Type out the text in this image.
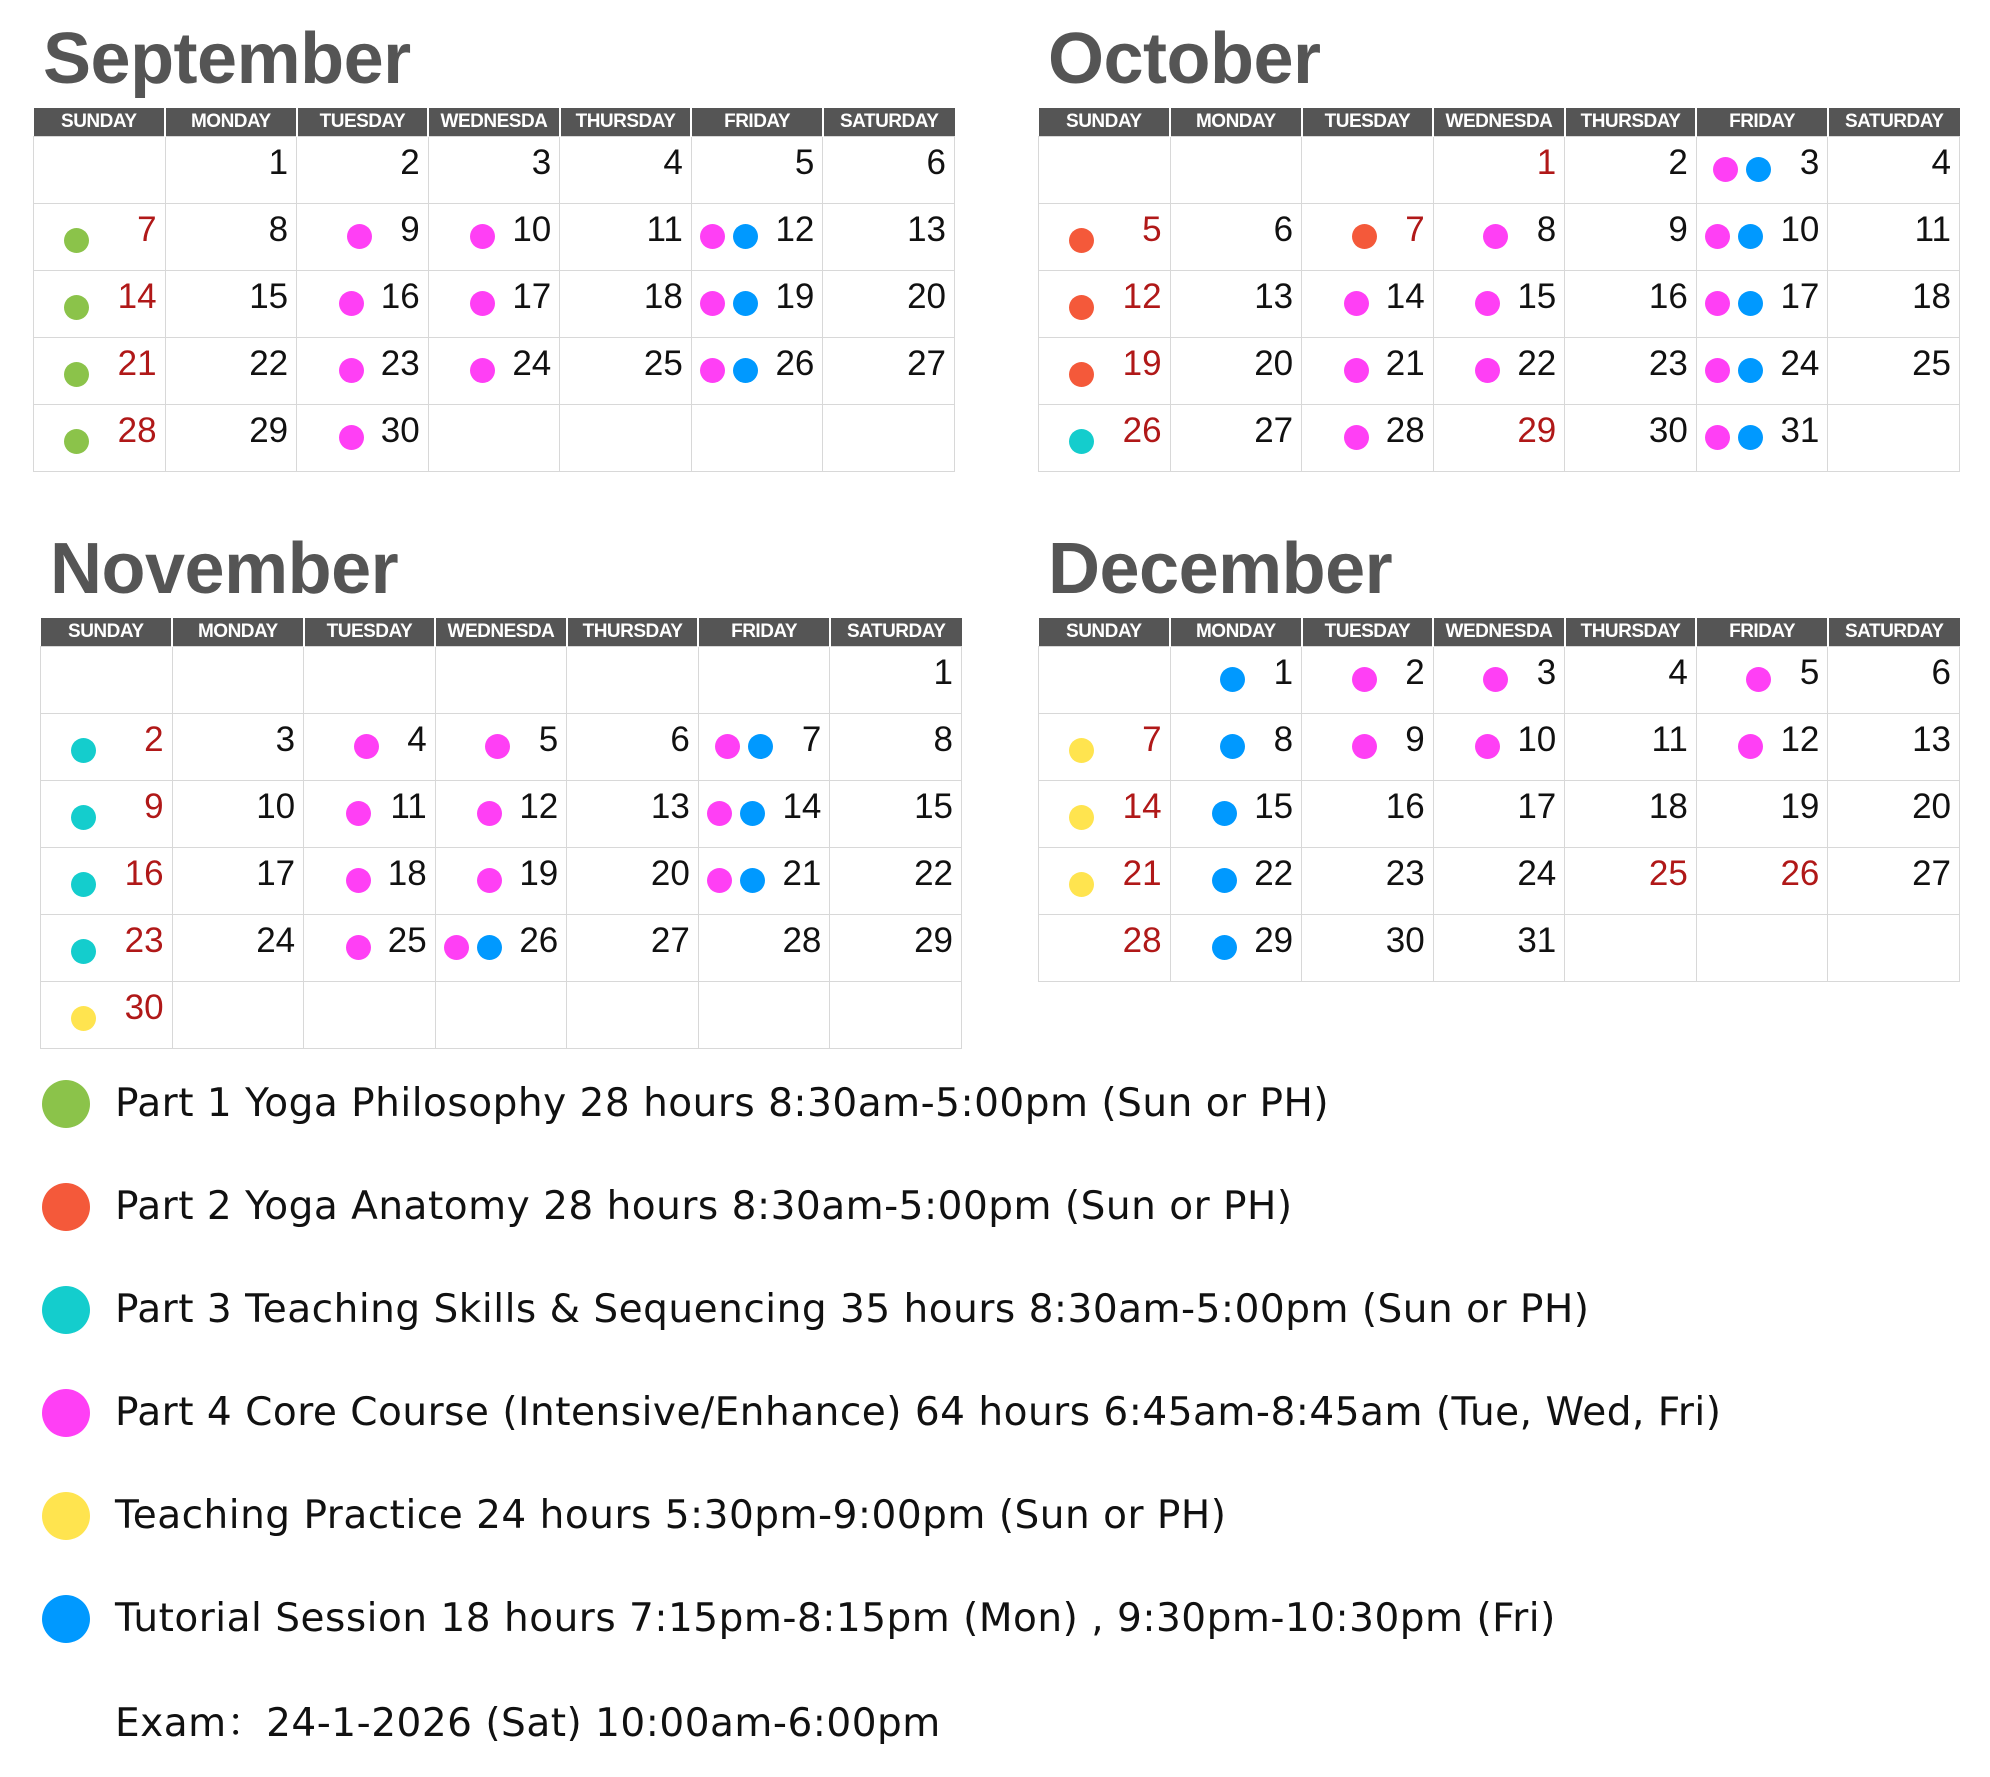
September
SUNDAY	MONDAY	TUESDAY	WEDNESDA	THURSDAY	FRIDAY	SATURDAY

	1	2	3	4	5	6

7	8	9	10	11	12	13

14	15	16	17	18	19	20

21	22	23	24	25	26	27

28	29	30				

October
SUNDAY	MONDAY	TUESDAY	WEDNESDA	THURSDAY	FRIDAY	SATURDAY

			1	2	3	4

5	6	7	8	9	10	11

12	13	14	15	16	17	18

19	20	21	22	23	24	25

26	27	28	29	30	31	

November
SUNDAY	MONDAY	TUESDAY	WEDNESDA	THURSDAY	FRIDAY	SATURDAY

						1

2	3	4	5	6	7	8

9	10	11	12	13	14	15

16	17	18	19	20	21	22

23	24	25	26	27	28	29

30						

December
SUNDAY	MONDAY	TUESDAY	WEDNESDA	THURSDAY	FRIDAY	SATURDAY

	1	2	3	4	5	6

7	8	9	10	11	12	13

14	15	16	17	18	19	20

21	22	23	24	25	26	27

28	29	30	31			

Part 1 Yoga Philosophy 28 hours 8:30am-5:00pm (Sun or PH)
Part 2 Yoga Anatomy 28 hours 8:30am-5:00pm (Sun or PH)
Part 3 Teaching Skills & Sequencing 35 hours 8:30am-5:00pm (Sun or PH)
Part 4 Core Course (Intensive/Enhance) 64 hours 6:45am-8:45am (Tue, Wed, Fri)
Teaching Practice 24 hours 5:30pm-9:00pm (Sun or PH)
Tutorial Session 18 hours 7:15pm-8:15pm (Mon) , 9:30pm-10:30pm (Fri)
Exam：24-1-2026 (Sat) 10:00am-6:00pm
